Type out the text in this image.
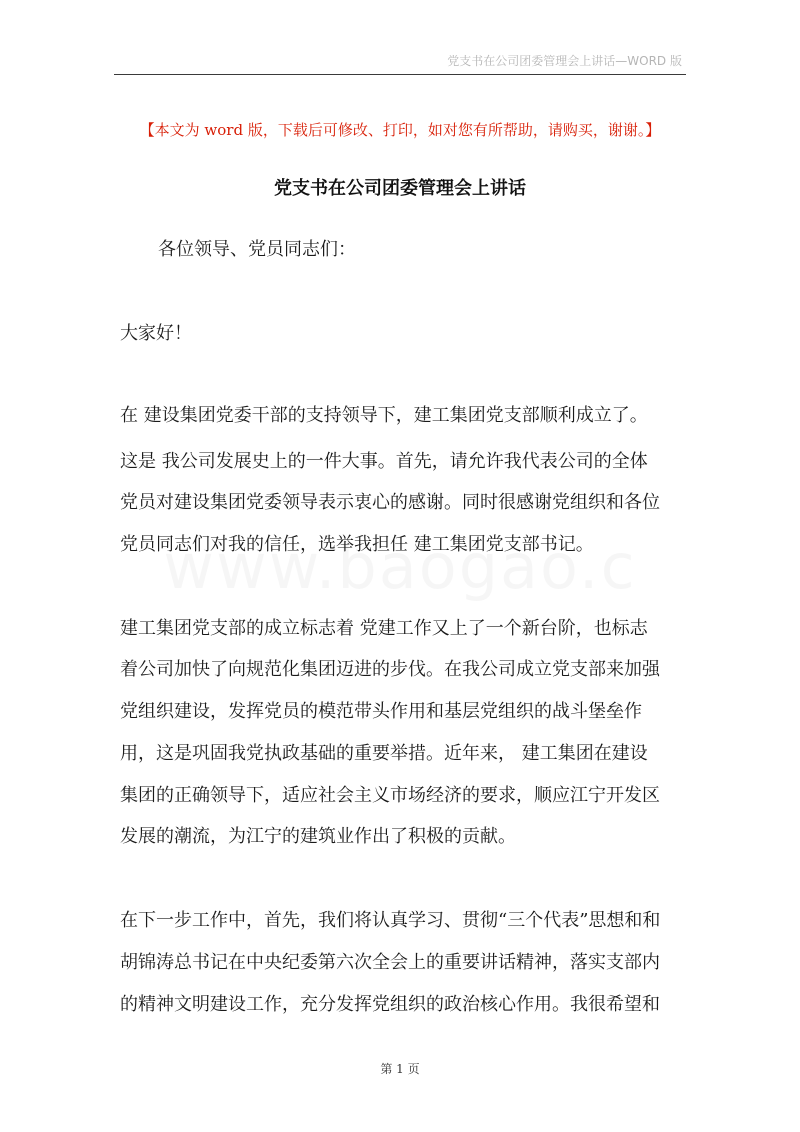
党支书在公司团委管理会上讲话—WORD 版
【本文为 word 版，下载后可修改、打印，如对您有所帮助，请购买，谢谢。】
党支书在公司团委管理会上讲话
各位领导、党员同志们：
大家好！
在 建设集团党委干部的支持领导下，建工集团党支部顺利成立了。
这是 我公司发展史上的一件大事。首先，请允许我代表公司的全体
党员对建设集团党委领导表示衷心的感谢。同时很感谢党组织和各位
党员同志们对我的信任，选举我担任 建工集团党支部书记。
建工集团党支部的成立标志着 党建工作又上了一个新台阶，也标志
着公司加快了向规范化集团迈进的步伐。在我公司成立党支部来加强
党组织建设，发挥党员的模范带头作用和基层党组织的战斗堡垒作
用，这是巩固我党执政基础的重要举措。近年来， 建工集团在建设
集团的正确领导下，适应社会主义市场经济的要求，顺应江宁开发区
发展的潮流，为江宁的建筑业作出了积极的贡献。
在下一步工作中，首先，我们将认真学习、贯彻“三个代表”思想和和
胡锦涛总书记在中央纪委第六次全会上的重要讲话精神，落实支部内
的精神文明建设工作，充分发挥党组织的政治核心作用。我很希望和
第 1 页
